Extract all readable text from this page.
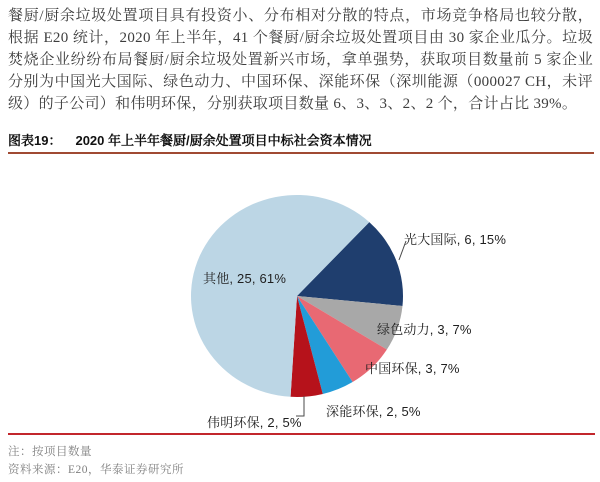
餐厨/厨余垃圾处置项目具有投资小、分布相对分散的特点，市场竞争格局也较分散，根据 E20 统计，2020 年上半年，41 个餐厨/厨余垃圾处置项目由 30 家企业瓜分。垃圾焚烧企业纷纷布局餐厨/厨余垃圾处置新兴市场，拿单强势，获取项目数量前 5 家企业分别为中国光大国际、绿色动力、中国环保、深能环保（深圳能源（000027 CH，未评级）的子公司）和伟明环保，分别获取项目数量 6、3、3、2、2 个，合计占比 39%。

图表19： 2020 年上半年餐厨/厨余处置项目中标社会资本情况
其他, 25, 61%
光大国际, 6, 15%
绿色动力, 3, 7%
中国环保, 3, 7%
深能环保, 2, 5%
伟明环保, 2, 5%
注：按项目数量
资料来源：E20，华泰证券研究所
